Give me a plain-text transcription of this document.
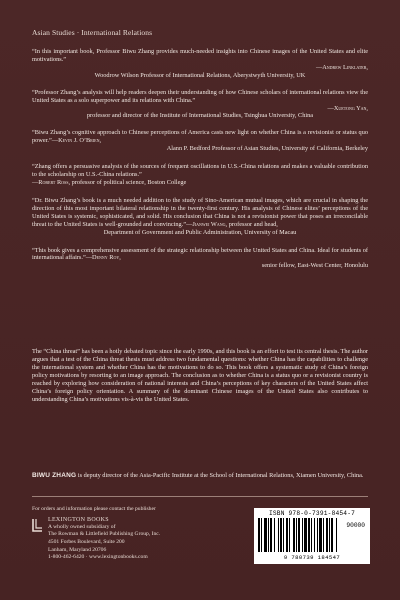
Asian Studies · International Relations

“In this important book, Professor Biwu Zhang provides much-needed insights into Chinese images of the United States and elite motivations.”

—Andrew Linklater,

Woodrow Wilson Professor of International Relations, Aberystwyth University, UK

“Professor Zhang’s analysis will help readers deepen their understanding of how Chinese scholars of international relations view the United States as a solo superpower and its relations with China.”

—Xuetong Yan,

professor and director of the Institute of International Studies, Tsinghua University, China

“Biwu Zhang’s cognitive approach to Chinese perceptions of America casts new light on whether China is a revisionist or status quo power.”—Kevin J. O’Brien,

Alann P. Bedford Professor of Asian Studies, University of California, Berkeley

“Zhang offers a persuasive analysis of the sources of frequent oscillations in U.S.-China relations and makes a valuable contribution to the scholarship on U.S.-China relations.”

—Robert Ross, professor of political science, Boston College

“Dr. Biwu Zhang’s book is a much needed addition to the study of Sino-American mutual images, which are crucial in shaping the direction of this most important bilateral relationship in the twenty-first century. His analysis of Chinese elites’ perceptions of the United States is systemic, sophisticated, and solid. His conclusion that China is not a revisionist power that poses an irreconcilable threat to the United States is well-grounded and convincing.”—Jianwei Wang, professor and head,

Department of Government and Public Administration, University of Macau

“This book gives a comprehensive assessment of the strategic relationship between the United States and China. Ideal for students of international affairs.”—Denny Roy,

senior fellow, East-West Center, Honolulu

The “China threat” has been a hotly debated topic since the early 1990s, and this book is an effort to test its central thesis. The author argues that a test of the China threat thesis must address two fundamental questions: whether China has the capabilities to challenge the international system and whether China has the motivations to do so. This book offers a systematic study of China’s foreign policy motivations by resorting to an image approach. The conclusion as to whether China is a status quo or a revisionist country is reached by exploring how consideration of national interests and China’s perceptions of key characters of the United States affect China’s foreign policy orientation. A summary of the dominant Chinese images of the United States also contributes to understanding China’s motivations vis-à-vis the United States.

BIWU ZHANG is deputy director of the Asia-Pacific Institute at the School of International Relations, Xiamen University, China.

For orders and information please contact the publisher

LEXINGTON BOOKS

A wholly owned subsidiary of

The Rowman & Littlefield Publishing Group, Inc.

4501 Forbes Boulevard, Suite 200

Lanham, Maryland 20706

1-800-462-6420 · www.lexingtonbooks.com

ISBN 978-0-7391-8454-7
90000
9 780739 184547
